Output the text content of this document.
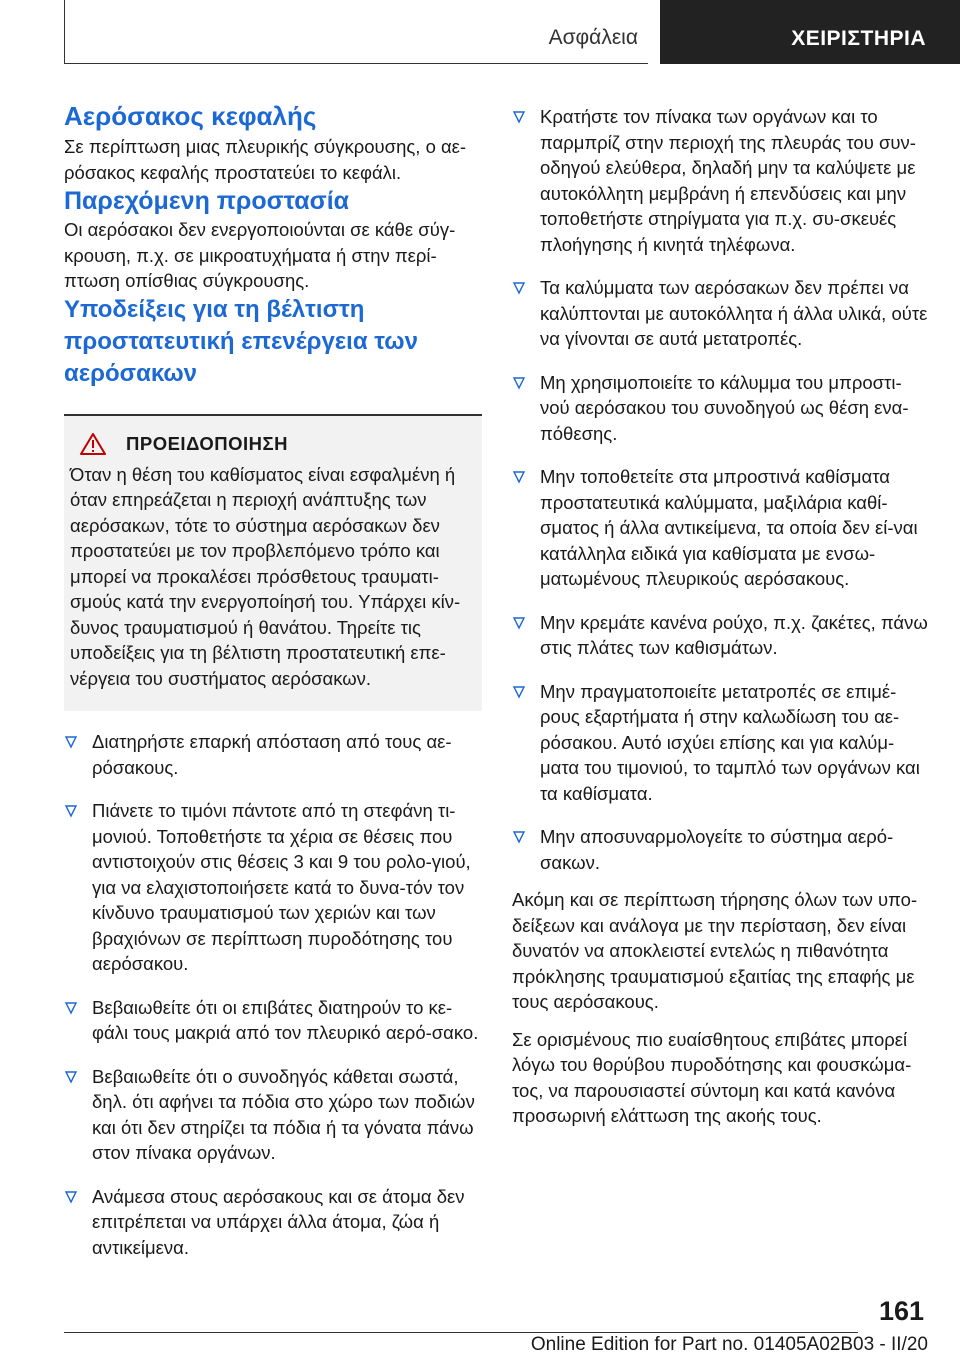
Ασφάλεια	ΧΕΙΡΙΣΤΗΡΙΑ
Αερόσακος κεφαλής

Σε περίπτωση μιας πλευρικής σύγκρουσης, ο αε‐ρόσακος κεφαλής προστατεύει το κεφάλι.

Παρεχόμενη προστασία

Οι αερόσακοι δεν ενεργοποιούνται σε κάθε σύγ‐κρουση, π.χ. σε μικροατυχήματα ή στην περί‐πτωση οπίσθιας σύγκρουσης.

Υποδείξεις για τη βέλτιστη προστατευτική επενέργεια των αερόσακων
ΠΡΟΕΙΔΟΠΟΙΗΣΗ

Όταν η θέση του καθίσματος είναι εσφαλμένη ή όταν επηρεάζεται η περιοχή ανάπτυξης των αερόσακων, τότε το σύστημα αερόσακων δεν προστατεύει με τον προβλεπόμενο τρόπο και μπορεί να προκαλέσει πρόσθετους τραυματι‐σμούς κατά την ενεργοποίησή του. Υπάρχει κίν‐δυνος τραυματισμού ή θανάτου. Τηρείτε τις υποδείξεις για τη βέλτιστη προστατευτική επε‐νέργεια του συστήματος αερόσακων.

Διατηρήστε επαρκή απόσταση από τους αε‐ρόσακους.
Πιάνετε το τιμόνι πάντοτε από τη στεφάνη τι‐μονιού. Τοποθετήστε τα χέρια σε θέσεις που αντιστοιχούν στις θέσεις 3 και 9 του ρολο‐γιού, για να ελαχιστοποιήσετε κατά το δυνα‐τόν τον κίνδυνο τραυματισμού των χεριών και των βραχιόνων σε περίπτωση πυροδότησης του αερόσακου.
Βεβαιωθείτε ότι οι επιβάτες διατηρούν το κε‐φάλι τους μακριά από τον πλευρικό αερό‐σακο.
Βεβαιωθείτε ότι ο συνοδηγός κάθεται σωστά, δηλ. ότι αφήνει τα πόδια στο χώρο των ποδιών και ότι δεν στηρίζει τα πόδια ή τα γόνατα πάνω στον πίνακα οργάνων.
Ανάμεσα στους αερόσακους και σε άτομα δεν επιτρέπεται να υπάρχει άλλα άτομα, ζώα ή αντικείμενα.
Κρατήστε τον πίνακα των οργάνων και το παρμπρίζ στην περιοχή της πλευράς του συν‐οδηγού ελεύθερα, δηλαδή μην τα καλύψετε με αυτοκόλλητη μεμβράνη ή επενδύσεις και μην τοποθετήστε στηρίγματα για π.χ. συ‐σκευές πλοήγησης ή κινητά τηλέφωνα.
Τα καλύμματα των αερόσακων δεν πρέπει να καλύπτονται με αυτοκόλλητα ή άλλα υλικά, ούτε να γίνονται σε αυτά μετατροπές.
Μη χρησιμοποιείτε το κάλυμμα του μπροστι‐νού αερόσακου του συνοδηγού ως θέση ενα‐πόθεσης.
Μην τοποθετείτε στα μπροστινά καθίσματα προστατευτικά καλύμματα, μαξιλάρια καθί‐σματος ή άλλα αντικείμενα, τα οποία δεν εί‐ναι κατάλληλα ειδικά για καθίσματα με ενσω‐ματωμένους πλευρικούς αερόσακους.
Μην κρεμάτε κανένα ρούχο, π.χ. ζακέτες, πάνω στις πλάτες των καθισμάτων.
Μην πραγματοποιείτε μετατροπές σε επιμέ‐ρους εξαρτήματα ή στην καλωδίωση του αε‐ρόσακου. Αυτό ισχύει επίσης και για καλύμ‐ματα του τιμονιού, το ταμπλό των οργάνων και τα καθίσματα.
Μην αποσυναρμολογείτε το σύστημα αερό‐σακων.

Ακόμη και σε περίπτωση τήρησης όλων των υπο‐δείξεων και ανάλογα με την περίσταση, δεν είναι δυνατόν να αποκλειστεί εντελώς η πιθανότητα πρόκλησης τραυματισμού εξαιτίας της επαφής με τους αερόσακους.

Σε ορισμένους πιο ευαίσθητους επιβάτες μπορεί λόγω του θορύβου πυροδότησης και φουσκώμα‐τος, να παρουσιαστεί σύντομη και κατά κανόνα προσωρινή ελάττωση της ακοής τους.

161
Online Edition for Part no. 01405A02B03 - II/20
